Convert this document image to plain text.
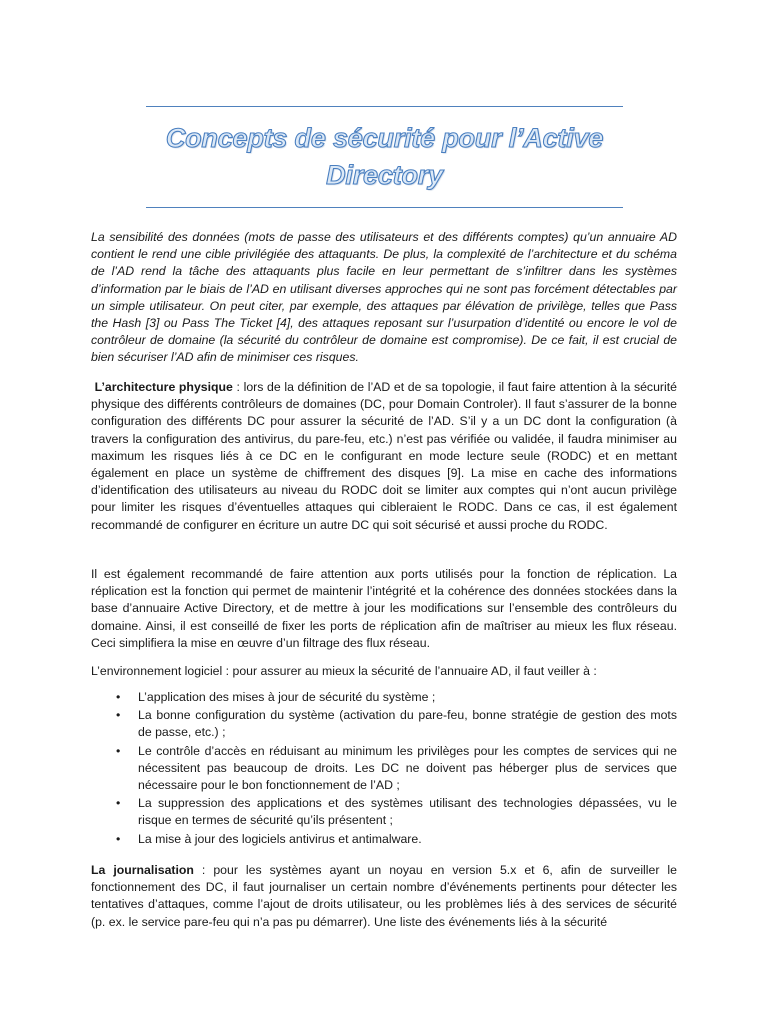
Concepts de sécurité pour l’Active
Directory

La sensibilité des données (mots de passe des utilisateurs et des différents comptes) qu’un annuaire AD contient le rend une cible privilégiée des attaquants. De plus, la complexité de l’architecture et du schéma de l’AD rend la tâche des attaquants plus facile en leur permettant de s’infiltrer dans les systèmes d’information par le biais de l’AD en utilisant diverses approches qui ne sont pas forcément détectables par un simple utilisateur. On peut citer, par exemple, des attaques par élévation de privilège, telles que Pass the Hash [3] ou Pass The Ticket [4], des attaques reposant sur l’usurpation d’identité ou encore le vol de contrôleur de domaine (la sécurité du contrôleur de domaine est compromise). De ce fait, il est crucial de bien sécuriser l’AD afin de minimiser ces risques.

L’architecture physique : lors de la définition de l’AD et de sa topologie, il faut faire attention à la sécurité physique des différents contrôleurs de domaines (DC, pour Domain Controler). Il faut s’assurer de la bonne configuration des différents DC pour assurer la sécurité de l’AD. S’il y a un DC dont la configuration (à travers la configuration des antivirus, du pare-feu, etc.) n’est pas vérifiée ou validée, il faudra minimiser au maximum les risques liés à ce DC en le configurant en mode lecture seule (RODC) et en mettant également en place un système de chiffrement des disques [9]. La mise en cache des informations d’identification des utilisateurs au niveau du RODC doit se limiter aux comptes qui n’ont aucun privilège pour limiter les risques d’éventuelles attaques qui cibleraient le RODC. Dans ce cas, il est également recommandé de configurer en écriture un autre DC qui soit sécurisé et aussi proche du RODC.

Il est également recommandé de faire attention aux ports utilisés pour la fonction de réplication. La réplication est la fonction qui permet de maintenir l’intégrité et la cohérence des données stockées dans la base d’annuaire Active Directory, et de mettre à jour les modifications sur l’ensemble des contrôleurs du domaine. Ainsi, il est conseillé de fixer les ports de réplication afin de maîtriser au mieux les flux réseau. Ceci simplifiera la mise en œuvre d’un filtrage des flux réseau.

L’environnement logiciel : pour assurer au mieux la sécurité de l’annuaire AD, il faut veiller à :

• L’application des mises à jour de sécurité du système ;
• La bonne configuration du système (activation du pare-feu, bonne stratégie de gestion des mots de passe, etc.) ;
• Le contrôle d’accès en réduisant au minimum les privilèges pour les comptes de services qui ne nécessitent pas beaucoup de droits. Les DC ne doivent pas héberger plus de services que nécessaire pour le bon fonctionnement de l’AD ;
• La suppression des applications et des systèmes utilisant des technologies dépassées, vu le risque en termes de sécurité qu’ils présentent ;
• La mise à jour des logiciels antivirus et antimalware.

La journalisation : pour les systèmes ayant un noyau en version 5.x et 6, afin de surveiller le fonctionnement des DC, il faut journaliser un certain nombre d’événements pertinents pour détecter les tentatives d’attaques, comme l’ajout de droits utilisateur, ou les problèmes liés à des services de sécurité (p. ex. le service pare-feu qui n’a pas pu démarrer). Une liste des événements liés à la sécurité
